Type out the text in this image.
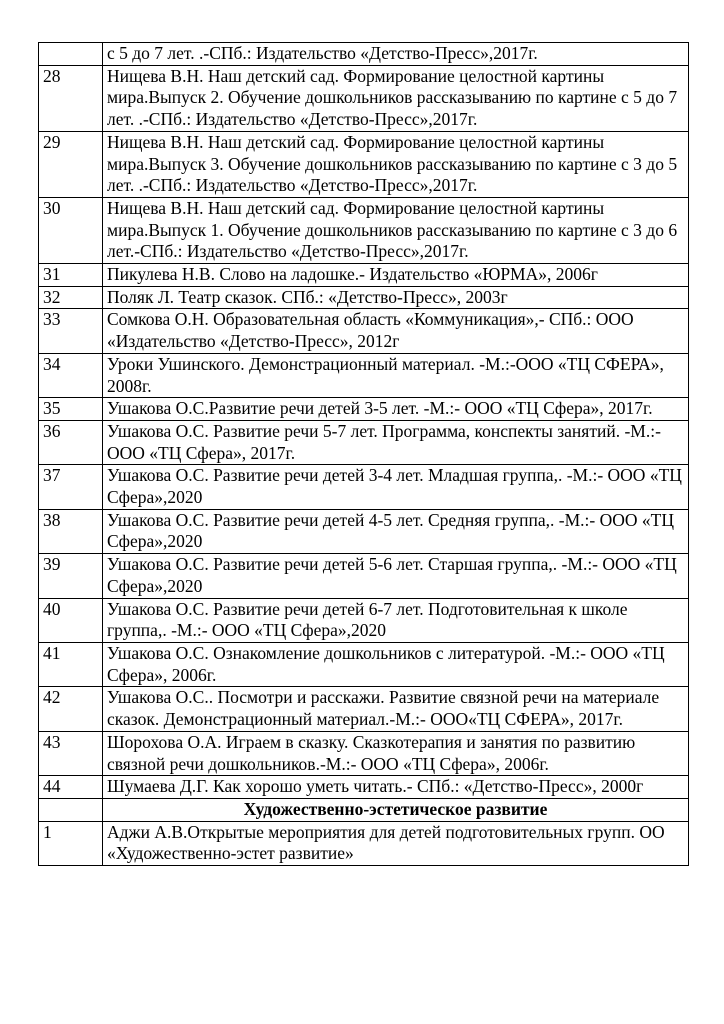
	с 5 до 7 лет. .-СПб.: Издательство «Детство-Пресс»,2017г.
28	Нищева В.Н. Наш детский сад. Формирование целостной картины мира.Выпуск 2. Обучение дошкольников рассказыванию по картине с 5 до 7 лет. .-СПб.: Издательство «Детство-Пресс»,2017г.
29	Нищева В.Н. Наш детский сад. Формирование целостной картины мира.Выпуск 3. Обучение дошкольников рассказыванию по картине с 3 до 5 лет. .-СПб.: Издательство «Детство-Пресс»,2017г.
30	Нищева В.Н. Наш детский сад. Формирование целостной картины мира.Выпуск 1. Обучение дошкольников рассказыванию по картине с 3 до 6 лет.-СПб.: Издательство «Детство-Пресс»,2017г.
31	Пикулева Н.В. Слово на ладошке.- Издательство «ЮРМА», 2006г
32	Поляк Л. Театр сказок. СПб.: «Детство-Пресс», 2003г
33	Сомкова О.Н. Образовательная область «Коммуникация»,- СПб.: ООО «Издательство «Детство-Пресс», 2012г
34	Уроки Ушинского. Демонстрационный материал. -М.:-ООО «ТЦ СФЕРА», 2008г.
35	Ушакова О.С.Развитие речи детей 3-5 лет. -М.:- ООО «ТЦ Сфера», 2017г.
36	Ушакова О.С. Развитие речи 5-7 лет. Программа, конспекты занятий. -М.:- ООО «ТЦ Сфера», 2017г.
37	Ушакова О.С. Развитие речи детей 3-4 лет. Младшая группа,. -М.:- ООО «ТЦ Сфера»,2020
38	Ушакова О.С. Развитие речи детей 4-5 лет. Средняя группа,. -М.:- ООО «ТЦ Сфера»,2020
39	Ушакова О.С. Развитие речи детей 5-6 лет. Старшая группа,. -М.:- ООО «ТЦ Сфера»,2020
40	Ушакова О.С. Развитие речи детей 6-7 лет. Подготовительная к школе группа,. -М.:- ООО «ТЦ Сфера»,2020
41	Ушакова О.С. Ознакомление дошкольников с литературой. -М.:- ООО «ТЦ Сфера», 2006г.
42	Ушакова О.С.. Посмотри и расскажи. Развитие связной речи на материале сказок. Демонстрационный материал.-М.:- ООО«ТЦ СФЕРА», 2017г.
43	Шорохова О.А. Играем в сказку. Сказкотерапия и занятия по развитию связной речи дошкольников.-М.:- ООО «ТЦ Сфера», 2006г.
44	Шумаева Д.Г. Как хорошо уметь читать.- СПб.: «Детство-Пресс», 2000г
	Художественно-эстетическое развитие
1	Аджи А.В.Открытые мероприятия для детей подготовительных групп. ОО «Художественно-эстет развитие»
